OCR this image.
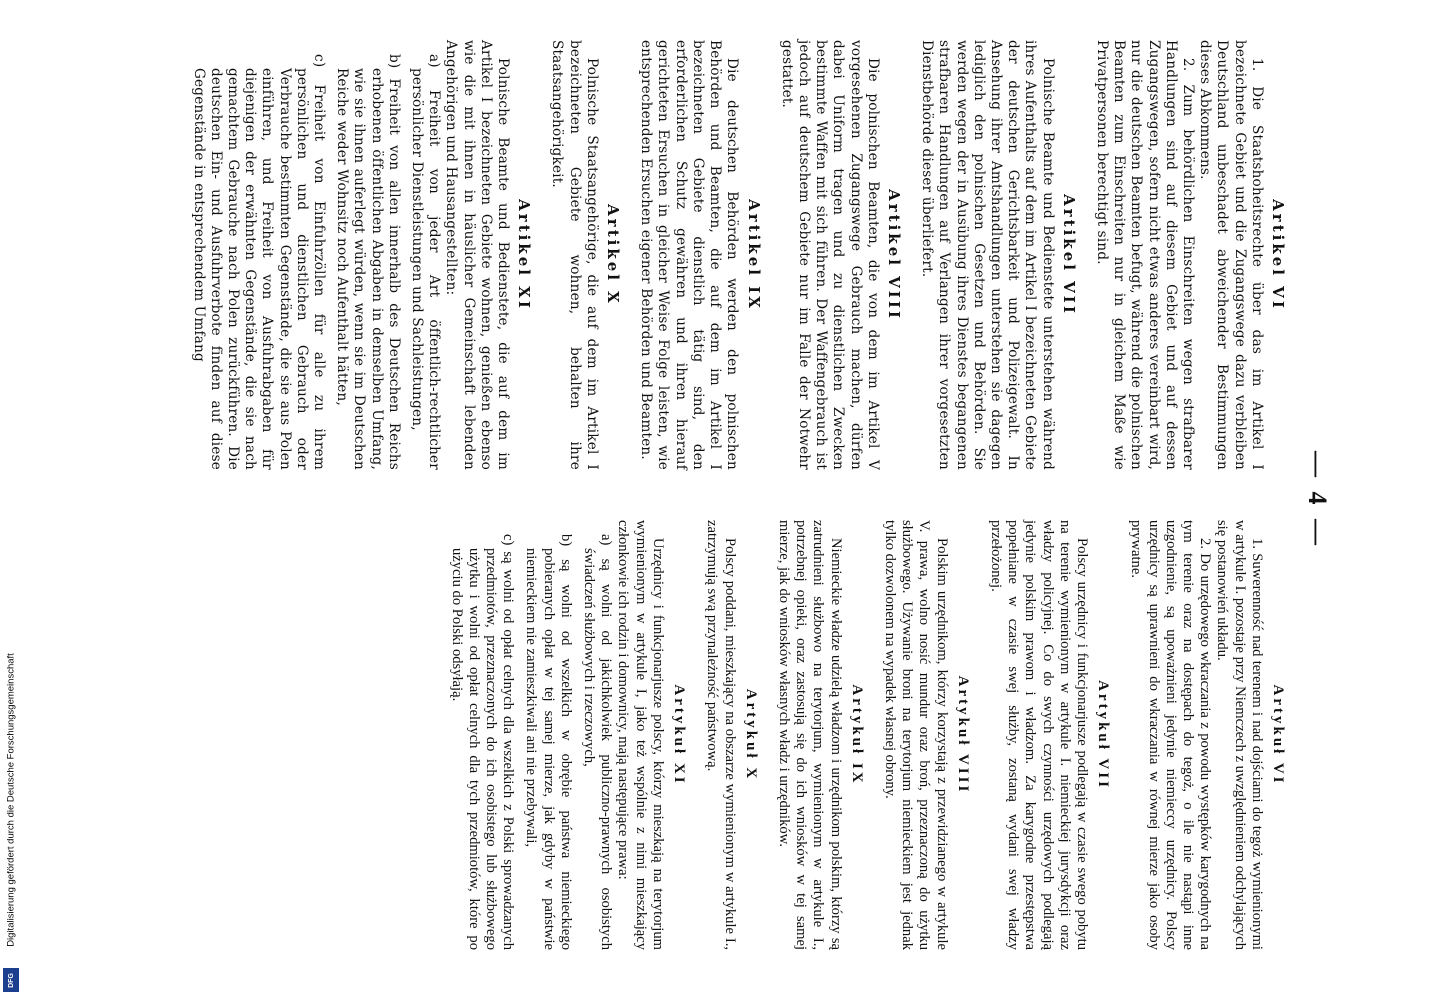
Digitalisierung gefördert durch die Deutsche Forschungsgemeinschaft
DFG
— 4 —
Artikel VI

1. Die Staatshoheitsrechte über das im Artikel I bezeichnete Gebiet und die Zugangswege dazu verbleiben Deutschland unbeschadet abweichender Bestimmungen dieses Abkommens.

2. Zum behördlichen Einschreiten wegen strafbarer Handlungen sind auf diesem Gebiet und auf dessen Zugangswegen, sofern nicht etwas anderes vereinbart wird, nur die deutschen Beamten befugt, während die polnischen Beamten zum Einschreiten nur in gleichem Maße wie Privatpersonen berechtigt sind.

Artikel VII

Polnische Beamte und Bedienstete unterstehen während ihres Aufenthalts auf dem im Artikel I bezeichneten Gebiete der deutschen Gerichtsbarkeit und Polizeigewalt. In Ansehung ihrer Amtshandlungen unterstehen sie dagegen lediglich den polnischen Gesetzen und Behörden. Sie werden wegen der in Ausübung ihres Dienstes begangenen strafbaren Handlungen auf Verlangen ihrer vorgesetzten Dienstbehörde dieser überliefert.

Artikel VIII

Die polnischen Beamten, die von dem im Artikel V vorgesehenen Zugangswege Gebrauch machen, dürfen dabei Uniform tragen und zu dienstlichen Zwecken bestimmte Waffen mit sich führen. Der Waffengebrauch ist jedoch auf deutschem Gebiete nur im Falle der Notwehr gestattet.

Artikel IX

Die deutschen Behörden werden den polnischen Behörden und Beamten, die auf dem im Artikel I bezeichneten Gebiete dienstlich tätig sind, den erforderlichen Schutz gewähren und ihren hierauf gerichteten Ersuchen in gleicher Weise Folge leisten, wie entsprechenden Ersuchen eigener Behörden und Beamten.

Artikel X

Polnische Staatsangehörige, die auf dem im Artikel I bezeichneten Gebiete wohnen, behalten ihre Staatsangehörigkeit.

Artikel XI

Polnische Beamte und Bedienstete, die auf dem im Artikel I bezeichneten Gebiete wohnen, genießen ebenso wie die mit ihnen in häuslicher Gemeinschaft lebenden Angehörigen und Hausangestellten:

a) Freiheit von jeder Art öffentlich-rechtlicher persönlicher Dienstleistungen und Sachleistungen,

b) Freiheit von allen innerhalb des Deutschen Reichs erhobenen öffentlichen Abgaben in demselben Umfang, wie sie ihnen auferlegt würden, wenn sie im Deutschen Reiche weder Wohnsitz noch Aufenthalt hätten,

c) Freiheit von Einfuhrzöllen für alle zu ihrem persönlichen und dienstlichen Gebrauch oder Verbrauche bestimmten Gegenstände, die sie aus Polen einführen, und Freiheit von Ausfuhrabgaben für diejenigen der erwähnten Gegenstände, die sie nach gemachtem Gebrauche nach Polen zurückführen. Die deutschen Ein- und Ausfuhrverbote finden auf diese Gegenstände in entsprechendem Umfang

Artykuł VI

1. Suwerenność nad terenem i nad dojściami do tegoż wymienionymi w artykule I. pozostaje przy Niemczech z uwzględnieniem odchylających się postanowień układu.

2. Do urzędowego wkraczania z powodu występków karygodnych na tym terenie oraz na dostępach do tegoż, o ile nie nastąpi inne uzgodnienie, są upoważnieni jedynie niemieccy urzędnicy. Polscy urzędnicy są uprawnieni do wkraczania w równej mierze jako osoby prywatne.

Artykuł VII

Polscy urzędnicy i funkcjonarjusze podlegają w czasie swego pobytu na terenie wymienionym w artykule I. niemieckiej jurysdykcji oraz władzy policyjnej. Co do swych czynności urzędowych podlegają jedynie polskim prawom i władzom. Za karygodne przestępstwa popełniane w czasie swej służby, zostaną wydani swej władzy przełożonej.

Artykuł VIII

Polskim urzędnikom, którzy korzystają z przewidzianego w artykule V. prawa, wolno nosić mundur oraz broń, przeznaczoną do użytku służbowego. Używanie broni na terytorjum niemieckiem jest jednak tylko dozwolonem na wypadek własnej obrony.

Artykuł IX

Niemieckie władze udzielą władzom i urzędnikom polskim, którzy są zatrudnieni służbowo na terytorjum, wymienionym w artykule I., potrzebnej opieki, oraz zastosują się do ich wniosków w tej samej mierze, jak do wniosków własnych władz i urzędników.

Artykuł X

Polscy poddani, mieszkający na obszarze wymienionym w artykule I., zatrzymują swą przynależność państwową.

Artykuł XI

Urzędnicy i funkcjonarjusze polscy, którzy mieszkają na terytorjum wymienionym w artykule I, jako też wspólnie z nimi mieszkający członkowie ich rodzin i domownicy, mają następujące prawa:

a) są wolni od jakichkolwiek publiczno-prawnych osobistych świadczeń służbowych i rzeczowych,

b) są wolni od wszelkich w obrębie państwa niemieckiego pobieranych opłat w tej samej mierze, jak gdyby w państwie niemieckiem nie zamieszkiwali ani nie przebywali,

c) są wolni od opłat celnych dla wszelkich z Polski sprowadzanych przedmiotów, przeznaczonych do ich osobistego lub służbowego użytku i wolni od opłat celnych dla tych przedmiotów, które po użyciu do Polski odsyłają.
